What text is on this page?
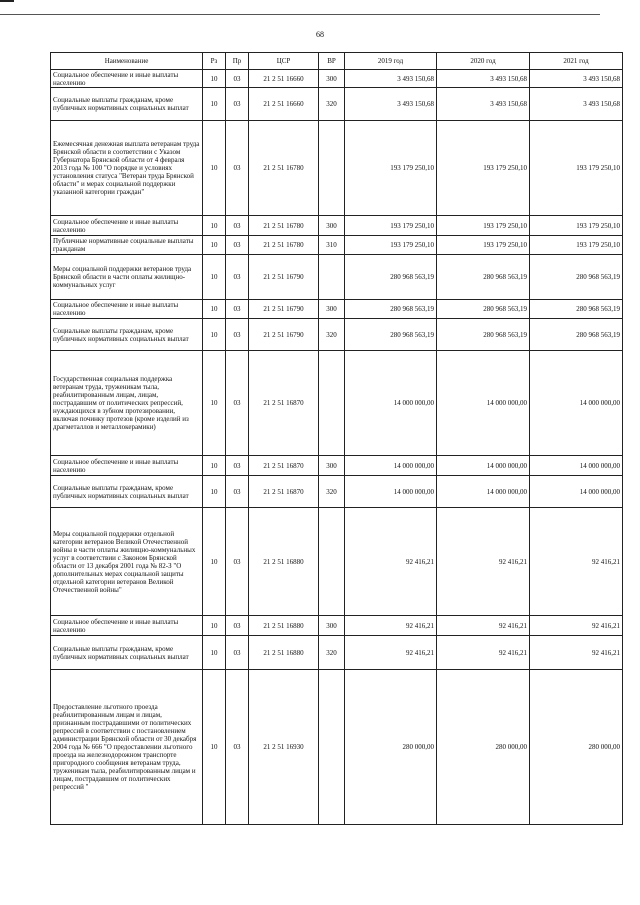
68
Наименование	Рз	Пр	ЦСР	ВР	2019 год	2020 год	2021 год
Социальное обеспечение и иные выплаты населению	10	03	21 2 51 16660	300	3 493 150,68	3 493 150,68	3 493 150,68
Социальные выплаты гражданам, кроме публичных нормативных социальных выплат	10	03	21 2 51 16660	320	3 493 150,68	3 493 150,68	3 493 150,68
Ежемесячная денежная выплата ветеранам труда Брянской области в соответствии с Указом Губернатора Брянской области от 4 февраля 2013 года № 100 "О порядке и условиях установления статуса "Ветеран труда Брянской области" и мерах социальной поддержки указанной категории граждан"	10	03	21 2 51 16780		193 179 250,10	193 179 250,10	193 179 250,10
Социальное обеспечение и иные выплаты населению	10	03	21 2 51 16780	300	193 179 250,10	193 179 250,10	193 179 250,10
Публичные нормативные социальные выплаты гражданам	10	03	21 2 51 16780	310	193 179 250,10	193 179 250,10	193 179 250,10
Меры социальной поддержки ветеранов труда Брянской области в части оплаты жилищно-коммунальных услуг	10	03	21 2 51 16790		280 968 563,19	280 968 563,19	280 968 563,19
Социальное обеспечение и иные выплаты населению	10	03	21 2 51 16790	300	280 968 563,19	280 968 563,19	280 968 563,19
Социальные выплаты гражданам, кроме публичных нормативных социальных выплат	10	03	21 2 51 16790	320	280 968 563,19	280 968 563,19	280 968 563,19
Государственная социальная поддержка ветеранам труда, труженикам тыла, реабилитированным лицам, лицам, пострадавшим от политических репрессий, нуждающихся в зубном протезировании, включая починку протезов (кроме изделий из драгметаллов и металлокерамики)	10	03	21 2 51 16870		14 000 000,00	14 000 000,00	14 000 000,00
Социальное обеспечение и иные выплаты населению	10	03	21 2 51 16870	300	14 000 000,00	14 000 000,00	14 000 000,00
Социальные выплаты гражданам, кроме публичных нормативных социальных выплат	10	03	21 2 51 16870	320	14 000 000,00	14 000 000,00	14 000 000,00
Меры социальной поддержки отдельной категории ветеранов Великой Отечественной войны в части оплаты жилищно-коммунальных услуг в соответствии с Законом Брянской области от 13 декабря 2001 года № 82-З "О дополнительных мерах социальной защиты отдельной категории ветеранов Великой Отечественной войны"	10	03	21 2 51 16880		92 416,21	92 416,21	92 416,21
Социальное обеспечение и иные выплаты населению	10	03	21 2 51 16880	300	92 416,21	92 416,21	92 416,21
Социальные выплаты гражданам, кроме публичных нормативных социальных выплат	10	03	21 2 51 16880	320	92 416,21	92 416,21	92 416,21
Предоставление льготного проезда реабилитированным лицам и лицам, признанным пострадавшими от политических репрессий в соответствии с постановлением администрации Брянской области от 30 декабря 2004 года № 666 "О предоставлении льготного проезда на железнодорожном транспорте пригородного сообщения ветеранам труда, труженикам тыла, реабилитированным лицам и лицам, пострадавшим от политических репрессий "	10	03	21 2 51 16930		280 000,00	280 000,00	280 000,00
